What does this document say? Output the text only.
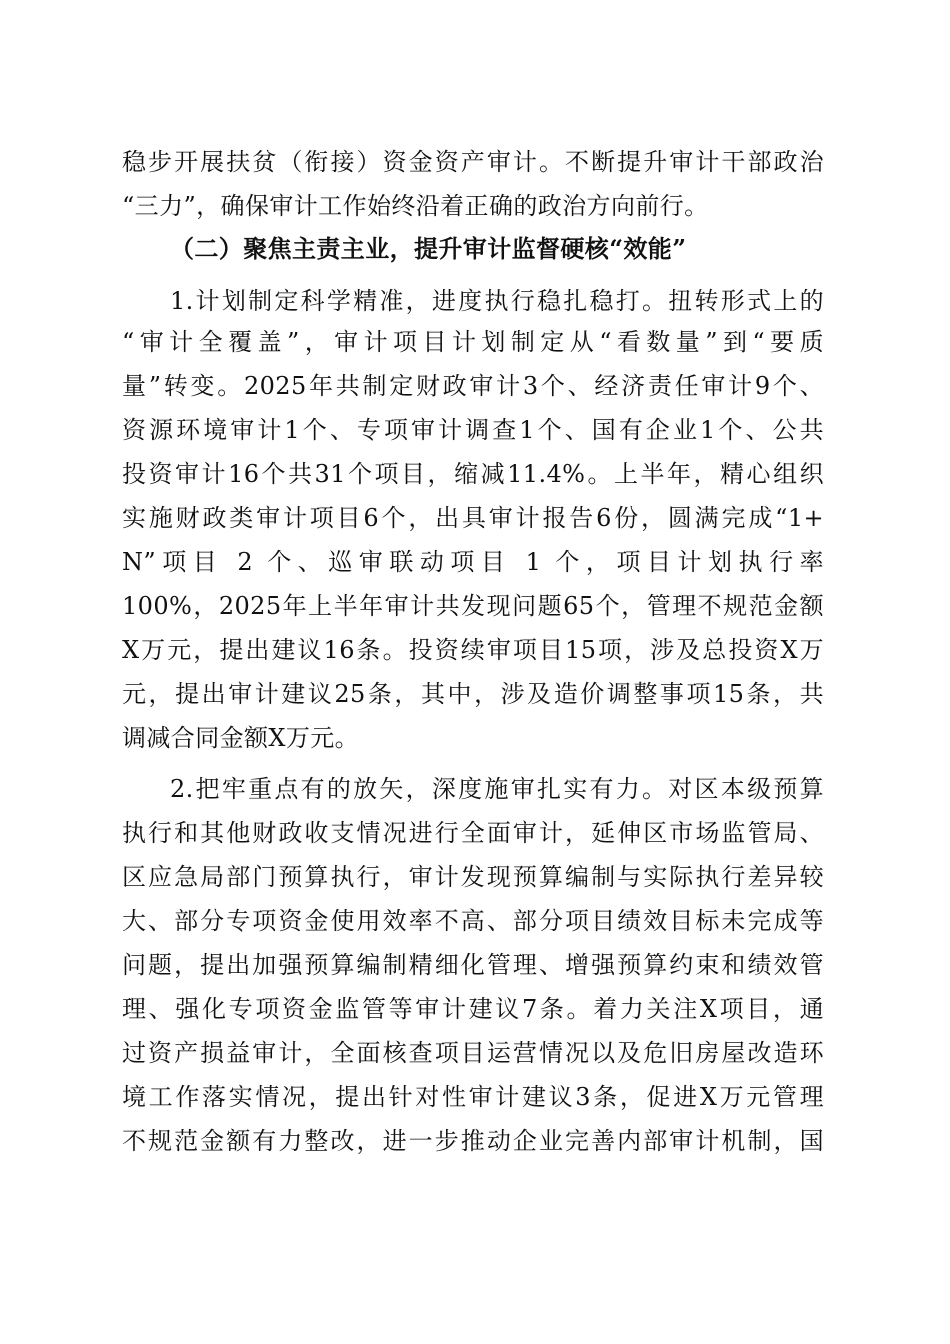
稳步开展扶贫（衔接）资金资产审计。不断提升审计干部政治
“三力”，确保审计工作始终沿着正确的政治方向前行。
（二）聚焦主责主业，提升审计监督硬核“效能”
1.计划制定科学精准，进度执行稳扎稳打。扭转形式上的
“审计全覆盖”，审计项目计划制定从“看数量”到“要质
量”转变。2025年共制定财政审计3个、经济责任审计9个、
资源环境审计1个、专项审计调查1个、国有企业1个、公共
投资审计16个共31个项目，缩减11.4%。上半年，精心组织
实施财政类审计项目6个，出具审计报告6份，圆满完成“1+
N”项目 2 个、巡审联动项目 1 个，项目计划执行率
100%，2025年上半年审计共发现问题65个，管理不规范金额
X万元，提出建议16条。投资续审项目15项，涉及总投资X万
元，提出审计建议25条，其中，涉及造价调整事项15条，共
调减合同金额X万元。
2.把牢重点有的放矢，深度施审扎实有力。对区本级预算
执行和其他财政收支情况进行全面审计，延伸区市场监管局、
区应急局部门预算执行，审计发现预算编制与实际执行差异较
大、部分专项资金使用效率不高、部分项目绩效目标未完成等
问题，提出加强预算编制精细化管理、增强预算约束和绩效管
理、强化专项资金监管等审计建议7条。着力关注X项目，通
过资产损益审计，全面核查项目运营情况以及危旧房屋改造环
境工作落实情况，提出针对性审计建议3条，促进X万元管理
不规范金额有力整改，进一步推动企业完善内部审计机制，国
